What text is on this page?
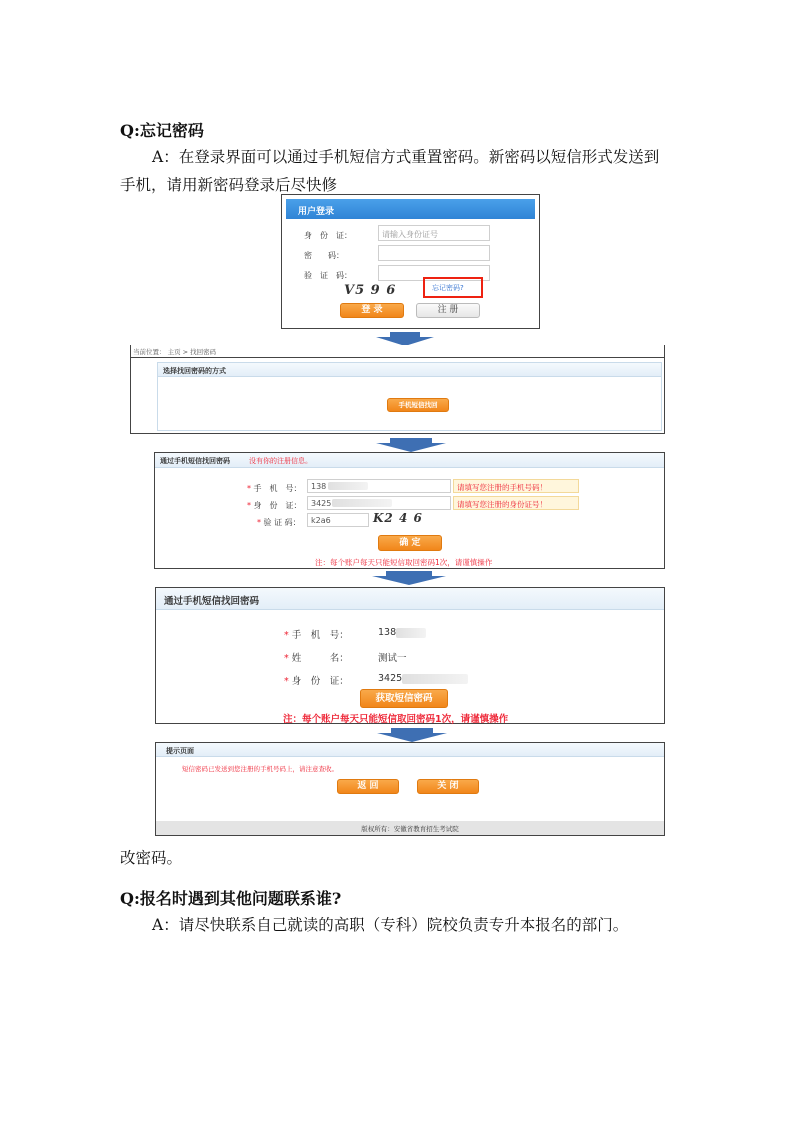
Q:忘记密码
A：在登录界面可以通过手机短信方式重置密码。新密码以短信形式发送到
手机，请用新密码登录后尽快修
用户登录
身　份　证：	请输入身份证号
密　　码：
验　证　码：
V5 9 6	忘记密码?
登 录	注 册
当前位置： 主页 > 找回密码
选择找回密码的方式
手机短信找回
通过手机短信找回密码	没有你的注册信息。
* 手　机　号： 138	请填写您注册的手机号码！
* 身　份　证： 3425	请填写您注册的身份证号！
* 验 证 码： k2a6	K2 4 6
确 定
注：每个账户每天只能短信取回密码1次，请谨慎操作
通过手机短信找回密码
* 手　机　号：	138
* 姓　　　名：	测试一
* 身　份　证：	3425
获取短信密码
注：每个账户每天只能短信取回密码1次，请谨慎操作
提示页面
短信密码已发送到您注册的手机号码上，请注意查收。
返 回	关 闭
版权所有：安徽省教育招生考试院
改密码。
Q:报名时遇到其他问题联系谁?
A：请尽快联系自己就读的高职（专科）院校负责专升本报名的部门。
